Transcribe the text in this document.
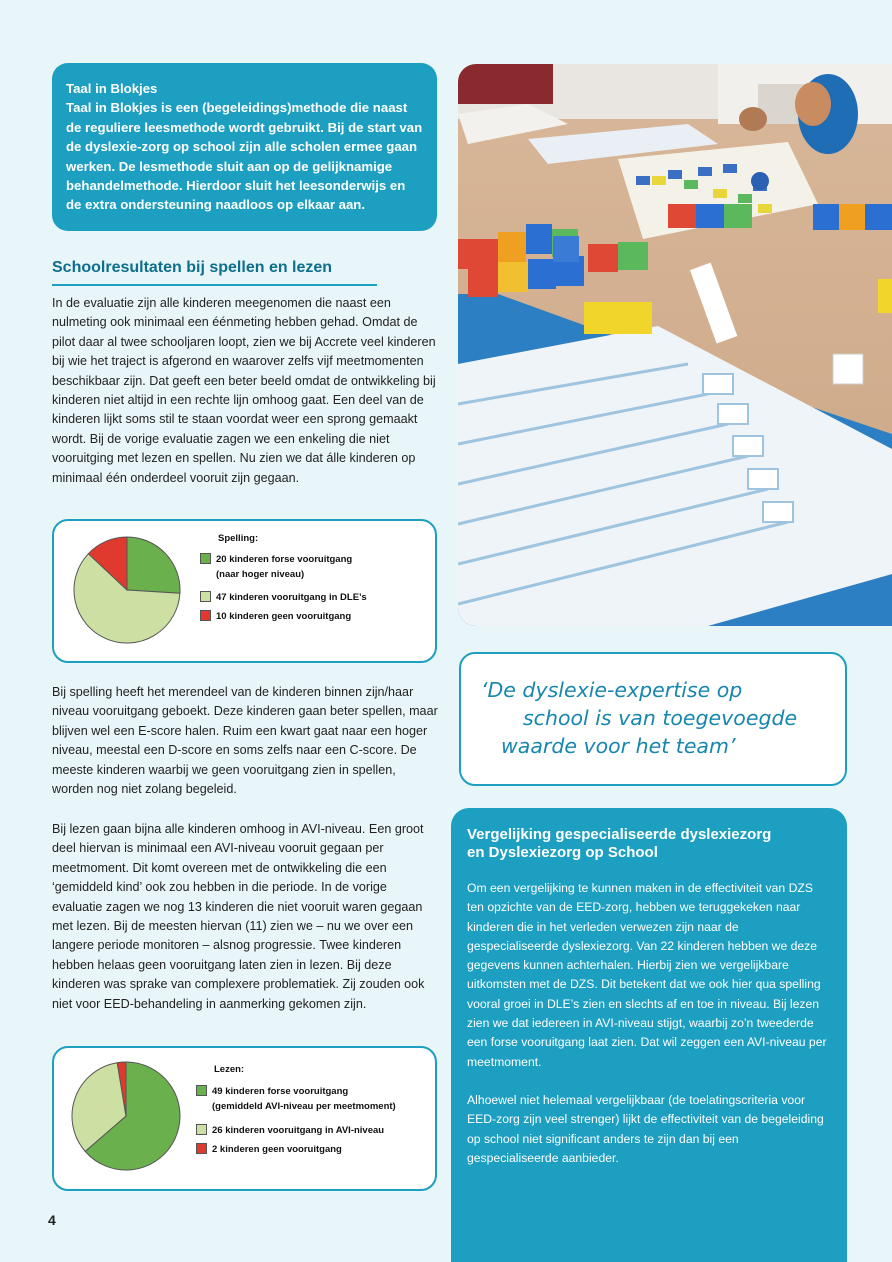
Taal in Blokjes
Taal in Blokjes is een (begeleidings)methode die naast
de reguliere leesmethode wordt gebruikt. Bij de start van
de dyslexie-zorg op school zijn alle scholen ermee gaan
werken. De lesmethode sluit aan op de gelijknamige
behandelmethode. Hierdoor sluit het leesonderwijs en
de extra ondersteuning naadloos op elkaar aan.
Schoolresultaten bij spellen en lezen
In de evaluatie zijn alle kinderen meegenomen die naast een nulmeting ook minimaal een éénmeting hebben gehad. Omdat de pilot daar al twee schooljaren loopt, zien we bij Accrete veel kinderen bij wie het traject is afgerond en waarover zelfs vijf meetmomenten beschikbaar zijn. Dat geeft een beter beeld omdat de ontwikkeling bij kinderen niet altijd in een rechte lijn omhoog gaat. Een deel van de kinderen lijkt soms stil te staan voordat weer een sprong gemaakt wordt. Bij de vorige evaluatie zagen we een enkeling die niet vooruitging met lezen en spellen. Nu zien we dat álle kinderen op minimaal één onderdeel vooruit zijn gegaan.
Spelling:
20 kinderen forse vooruitgang
(naar hoger niveau)
47 kinderen vooruitgang in DLE’s
10 kinderen geen vooruitgang
Bij spelling heeft het merendeel van de kinderen binnen zijn/haar niveau vooruitgang geboekt. Deze kinderen gaan beter spellen, maar blijven wel een E-score halen. Ruim een kwart gaat naar een hoger niveau, meestal een D-score en soms zelfs naar een C-score. De meeste kinderen waarbij we geen vooruitgang zien in spellen, worden nog niet zolang begeleid.
Bij lezen gaan bijna alle kinderen omhoog in AVI-niveau. Een groot deel hiervan is minimaal een AVI-niveau vooruit gegaan per meetmoment. Dit komt overeen met de ontwikkeling die een ‘gemiddeld kind’ ook zou hebben in die periode. In de vorige evaluatie zagen we nog 13 kinderen die niet vooruit waren gegaan met lezen. Bij de meesten hiervan (11) zien we – nu we over een langere periode monitoren – alsnog progressie. Twee kinderen hebben helaas geen vooruitgang laten zien in lezen. Bij deze kinderen was sprake van complexere problematiek. Zij zouden ook niet voor EED-behandeling in aanmerking gekomen zijn.
Lezen:
49 kinderen forse vooruitgang
(gemiddeld AVI-niveau per meetmoment)
26 kinderen vooruitgang in AVI-niveau
2 kinderen geen vooruitgang
‘De dyslexie-expertise op
school is van toegevoegde
waarde voor het team’
Vergelijking gespecialiseerde dyslexiezorg
en Dyslexiezorg op School

Om een vergelijking te kunnen maken in de effectiviteit van DZS ten opzichte van de EED-zorg, hebben we teruggekeken naar kinderen die in het verleden verwezen zijn naar de gespecialiseerde dyslexiezorg. Van 22 kinderen hebben we deze gegevens kunnen achterhalen. Hierbij zien we vergelijkbare uitkomsten met de DZS. Dit betekent dat we ook hier qua spelling vooral groei in DLE’s zien en slechts af en toe in niveau. Bij lezen zien we dat iedereen in AVI-niveau stijgt, waarbij zo’n tweederde een forse vooruitgang laat zien. Dat wil zeggen een AVI-niveau per meetmoment.

Alhoewel niet helemaal vergelijkbaar (de toelatingscriteria voor EED-zorg zijn veel strenger) lijkt de effectiviteit van de begeleiding op school niet significant anders te zijn dan bij een gespecialiseerde aanbieder.

4
